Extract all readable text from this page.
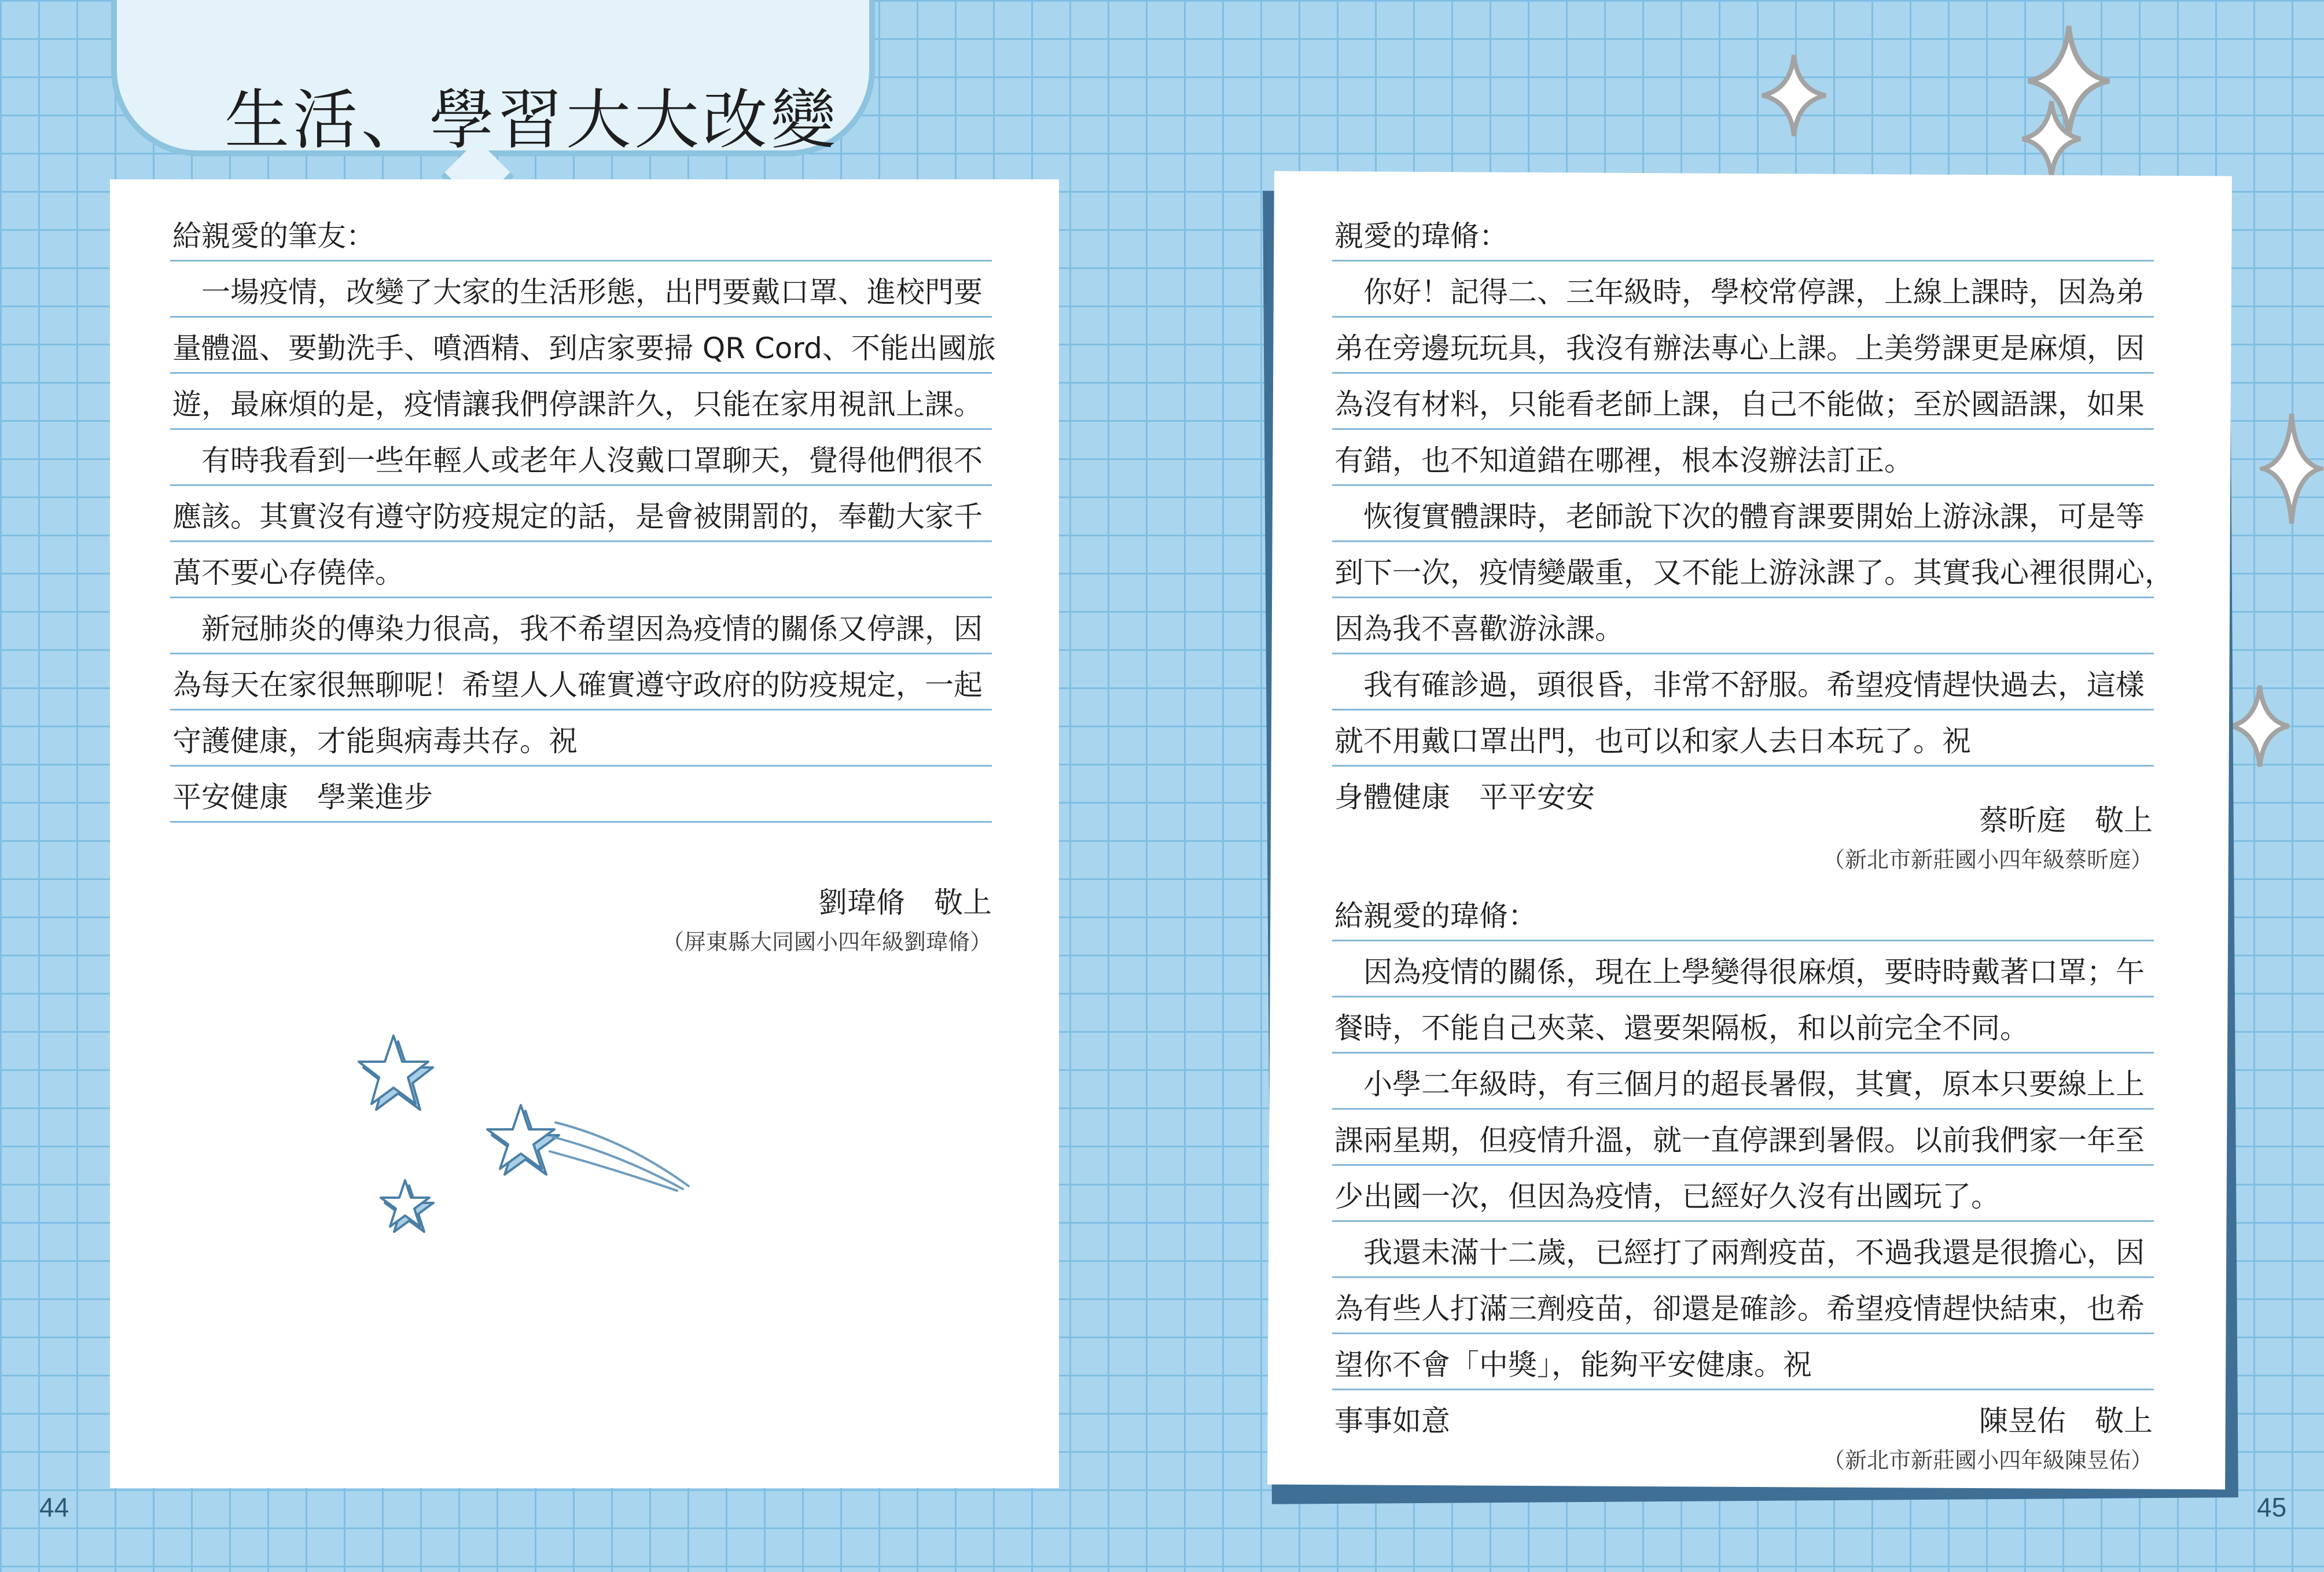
生活、學習大大改變
給親愛的筆友：
　一場疫情，改變了大家的生活形態，出門要戴口罩、進校門要
量體溫、要勤洗手、噴酒精、到店家要掃 QR Cord、不能出國旅
遊，最麻煩的是，疫情讓我們停課許久，只能在家用視訊上課。
　有時我看到一些年輕人或老年人沒戴口罩聊天，覺得他們很不
應該。其實沒有遵守防疫規定的話，是會被開罰的，奉勸大家千
萬不要心存僥倖。
　新冠肺炎的傳染力很高，我不希望因為疫情的關係又停課，因
為每天在家很無聊呢！希望人人確實遵守政府的防疫規定，一起
守護健康，才能與病毒共存。祝
平安健康　學業進步
劉瑋脩　敬上
（屏東縣大同國小四年級劉瑋脩）
44
親愛的瑋脩：
　你好！記得二、三年級時，學校常停課，上線上課時，因為弟
弟在旁邊玩玩具，我沒有辦法專心上課。上美勞課更是麻煩，因
為沒有材料，只能看老師上課，自己不能做；至於國語課，如果
有錯，也不知道錯在哪裡，根本沒辦法訂正。
　恢復實體課時，老師說下次的體育課要開始上游泳課，可是等
到下一次，疫情變嚴重，又不能上游泳課了。其實我心裡很開心，
因為我不喜歡游泳課。
　我有確診過，頭很昏，非常不舒服。希望疫情趕快過去，這樣
就不用戴口罩出門，也可以和家人去日本玩了。祝
身體健康　平平安安
蔡昕庭　敬上
（新北市新莊國小四年級蔡昕庭）
給親愛的瑋脩：
　因為疫情的關係，現在上學變得很麻煩，要時時戴著口罩；午
餐時，不能自己夾菜、還要架隔板，和以前完全不同。
　小學二年級時，有三個月的超長暑假，其實，原本只要線上上
課兩星期，但疫情升溫，就一直停課到暑假。以前我們家一年至
少出國一次，但因為疫情，已經好久沒有出國玩了。
　我還未滿十二歲，已經打了兩劑疫苗，不過我還是很擔心，因
為有些人打滿三劑疫苗，卻還是確診。希望疫情趕快結束，也希
望你不會「中獎」，能夠平安健康。祝
事事如意	陳昱佑　敬上
（新北市新莊國小四年級陳昱佑）
45
